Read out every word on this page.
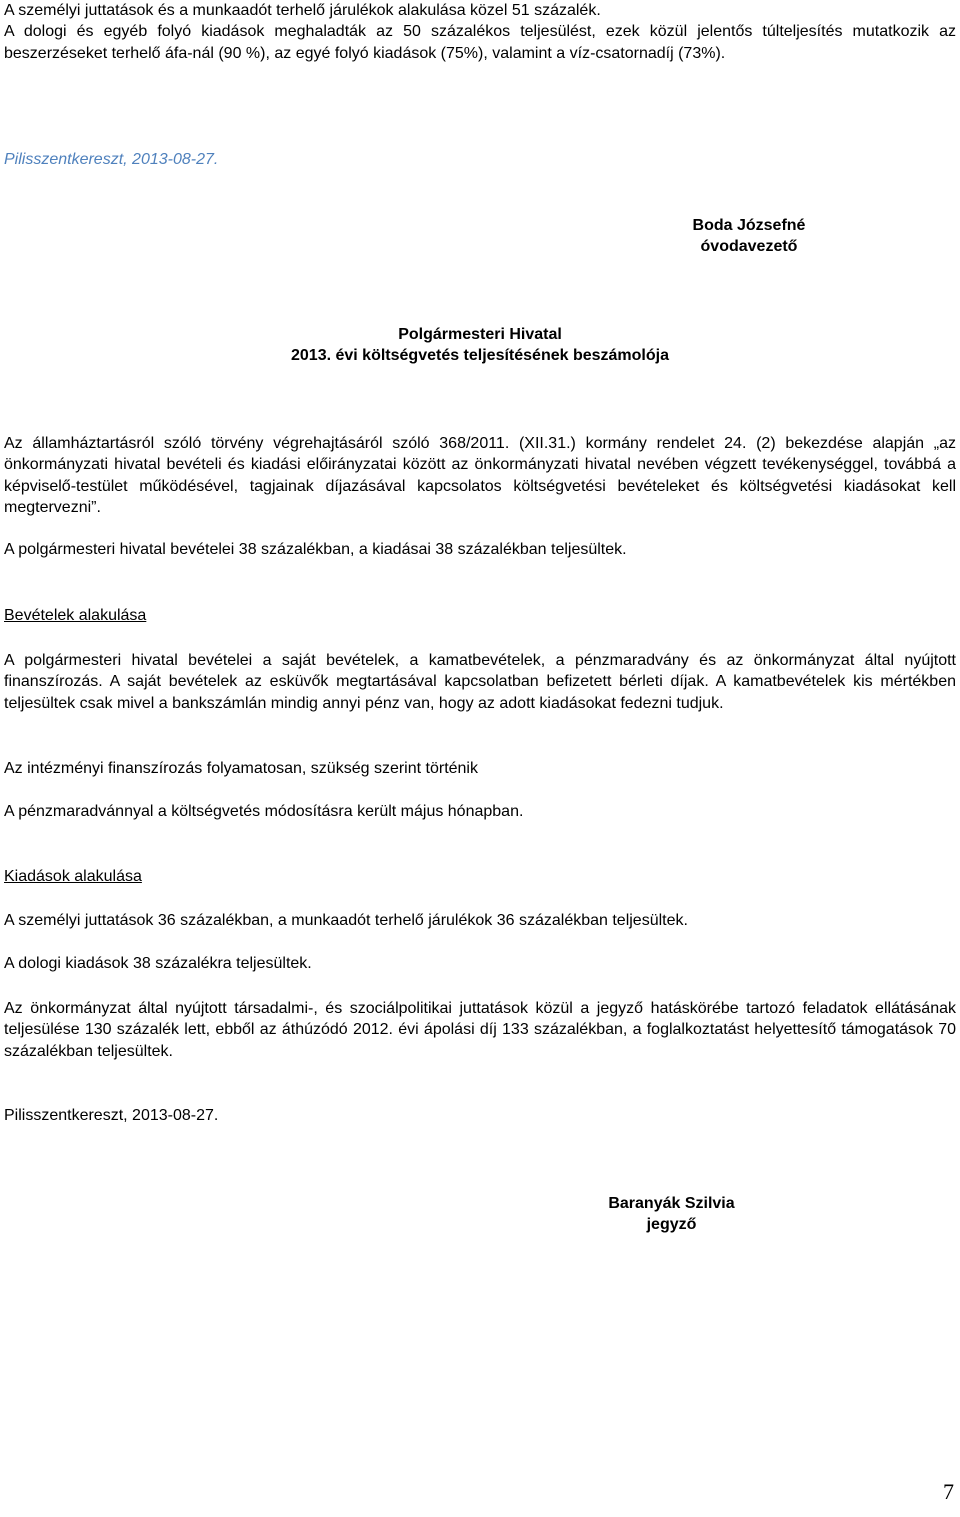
A személyi juttatások és a munkaadót terhelő járulékok alakulása közel 51 százalék.

A dologi és egyéb folyó kiadások meghaladták az 50 százalékos teljesülést, ezek közül jelentős túlteljesítés mutatkozik az beszerzéseket terhelő áfa-nál (90 %), az egyé folyó kiadások (75%), valamint a víz-csatornadíj (73%).

Pilisszentkereszt, 2013-08-27.
Boda Józsefné
óvodavezető
Polgármesteri Hivatal
2013. évi költségvetés teljesítésének beszámolója

Az államháztartásról szóló törvény végrehajtásáról szóló 368/2011. (XII.31.) kormány rendelet 24. (2) bekezdése alapján „az önkormányzati hivatal bevételi és kiadási előirányzatai között az önkormányzati hivatal nevében végzett tevékenységgel, továbbá a képviselő-testület működésével, tagjainak díjazásával kapcsolatos költségvetési bevételeket és költségvetési kiadásokat kell megtervezni”.

A polgármesteri hivatal bevételei 38 százalékban, a kiadásai 38 százalékban teljesültek.
Bevételek alakulása

A polgármesteri hivatal bevételei a saját bevételek, a kamatbevételek, a pénzmaradvány és az önkormányzat által nyújtott finanszírozás. A saját bevételek az esküvők megtartásával kapcsolatban befizetett bérleti díjak. A kamatbevételek kis mértékben teljesültek csak mivel a bankszámlán mindig annyi pénz van, hogy az adott kiadásokat fedezni tudjuk.

Az intézményi finanszírozás folyamatosan, szükség szerint történik
A pénzmaradvánnyal a költségvetés módosításra került május hónapban.
Kiadások alakulása
A személyi juttatások 36 százalékban, a munkaadót terhelő járulékok 36 százalékban teljesültek.
A dologi kiadások 38 százalékra teljesültek.

Az önkormányzat által nyújtott társadalmi-, és szociálpolitikai juttatások közül a jegyző hatáskörébe tartozó feladatok ellátásának teljesülése 130 százalék lett, ebből az áthúzódó 2012. évi ápolási díj 133 százalékban, a foglalkoztatást helyettesítő támogatások 70 százalékban teljesültek.

Pilisszentkereszt, 2013-08-27.
Baranyák Szilvia
jegyző
7
